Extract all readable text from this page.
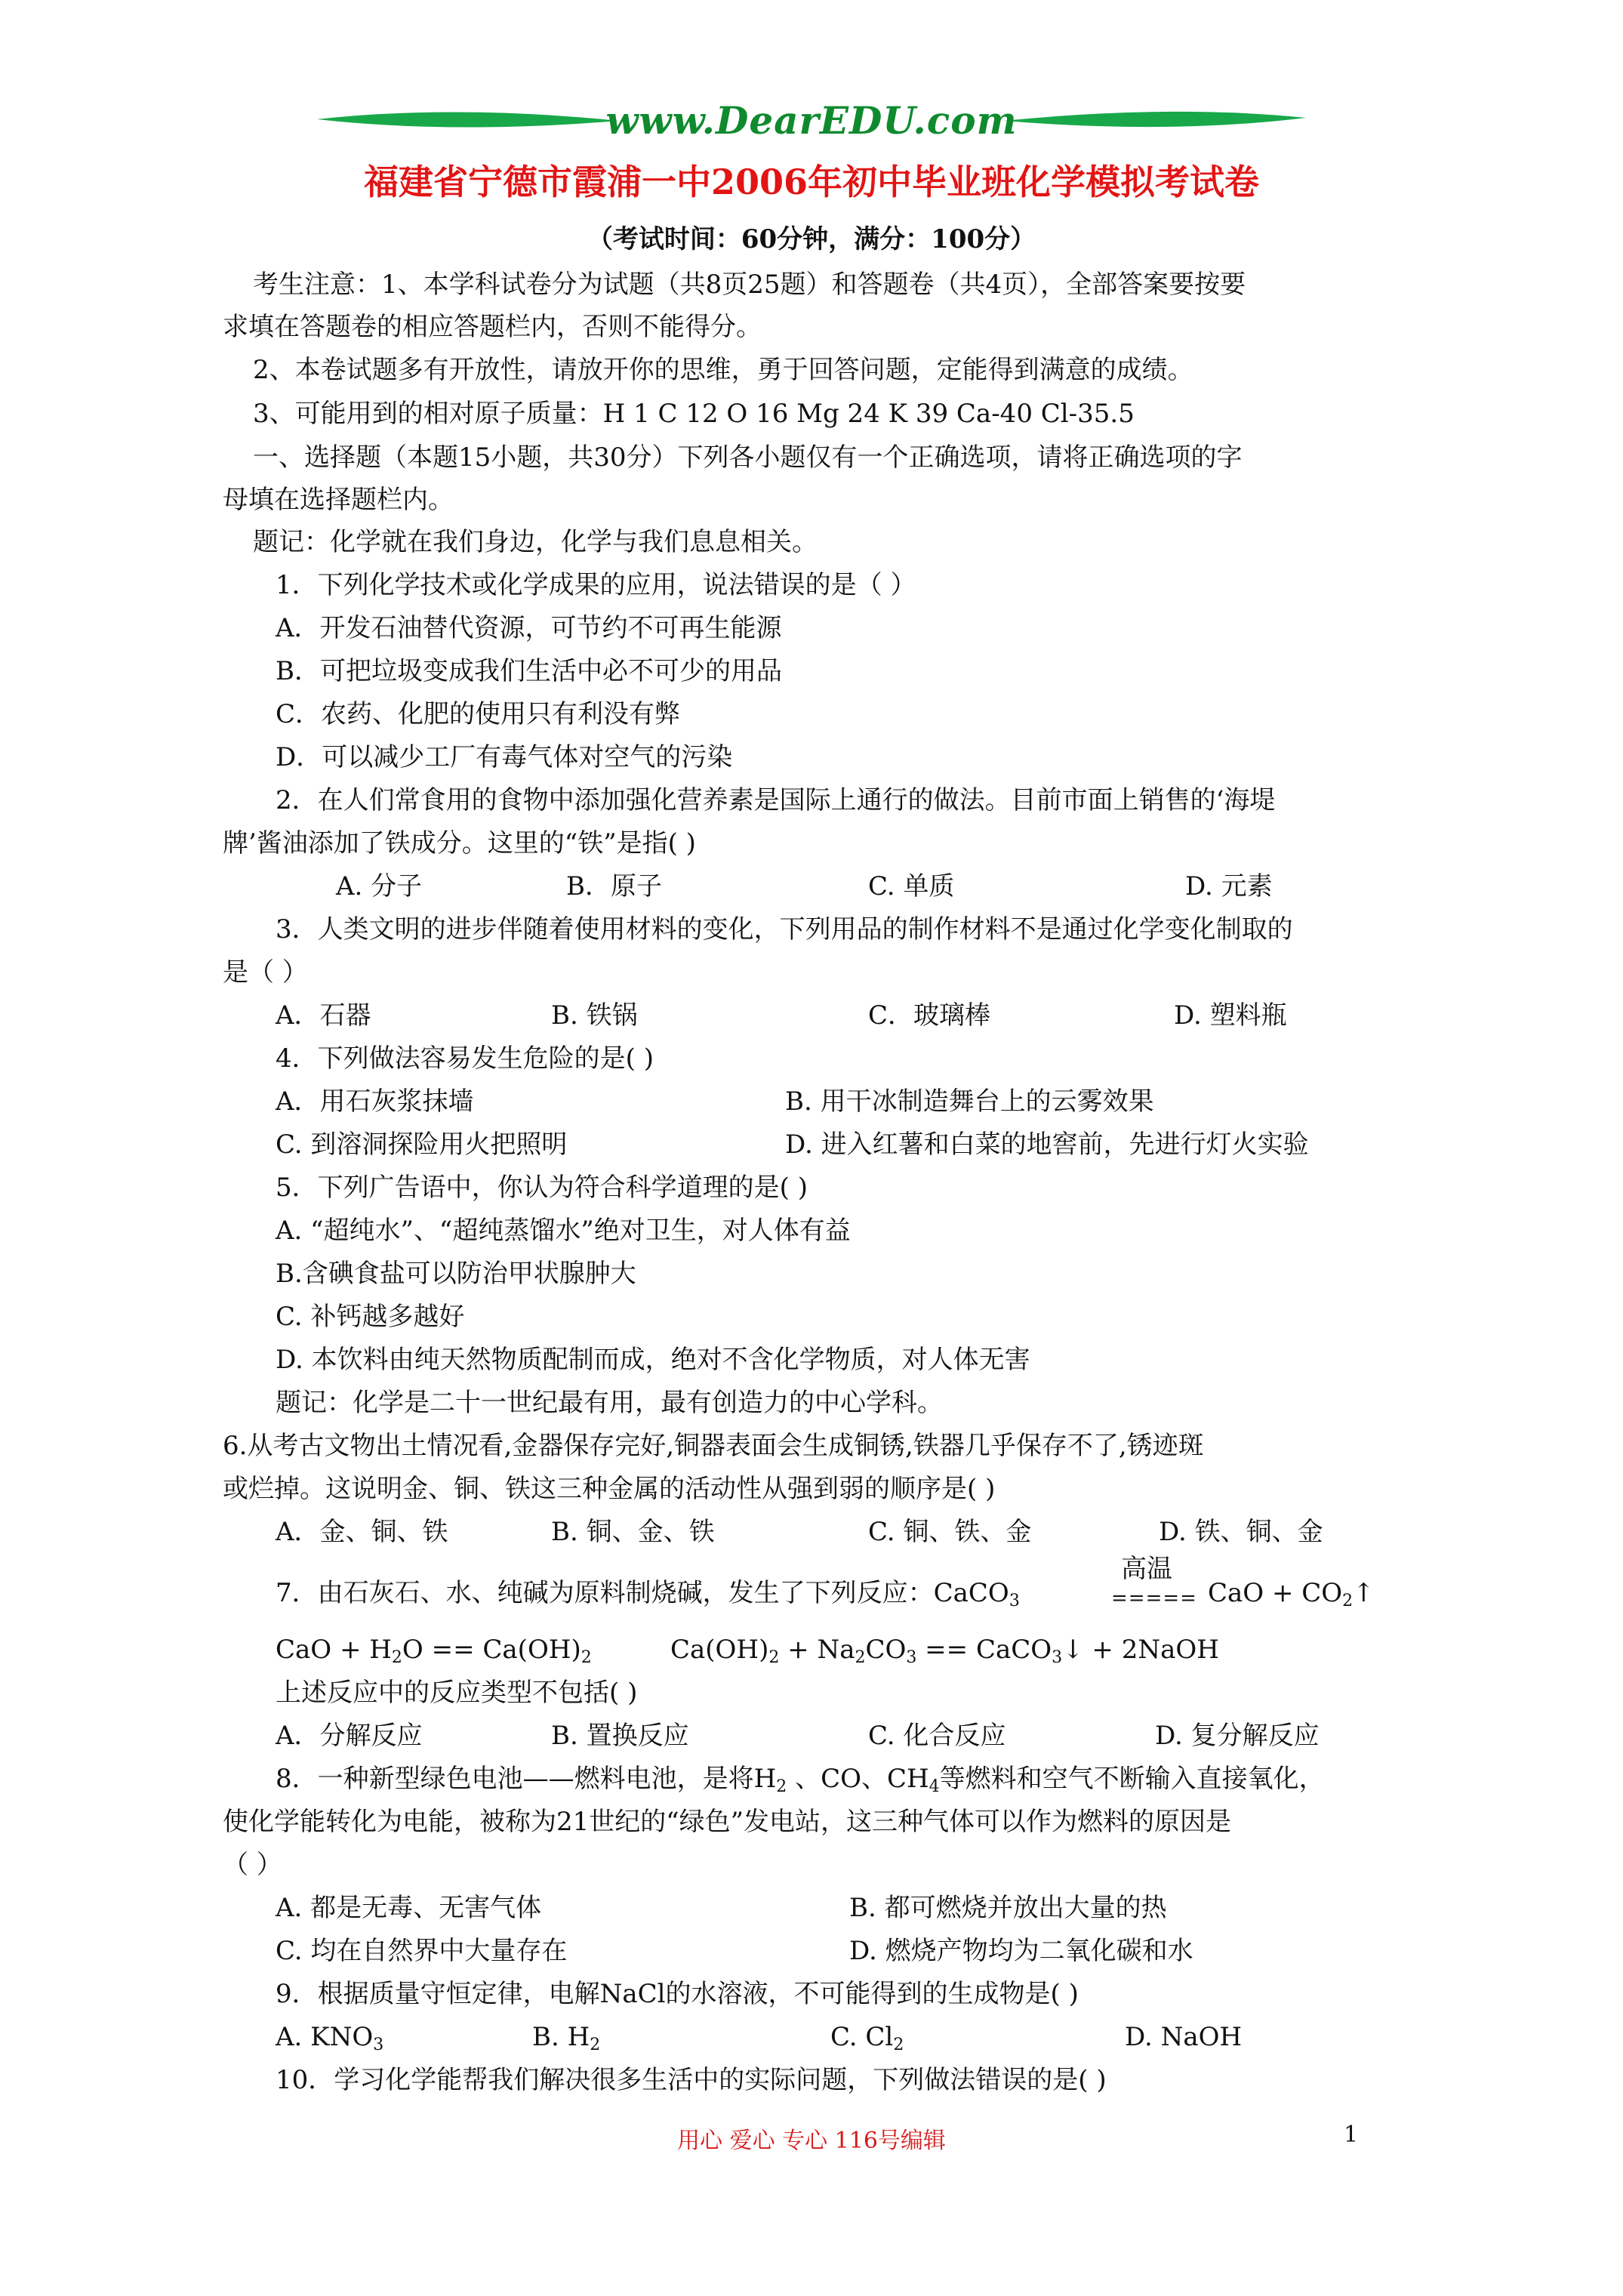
www.DearEDU.com
福建省宁德市霞浦一中2006年初中毕业班化学模拟考试卷
（考试时间：60分钟，满分：100分）
考生注意：1、本学科试卷分为试题（共8页25题）和答题卷（共4页），全部答案要按要
求填在答题卷的相应答题栏内，否则不能得分。
2、本卷试题多有开放性，请放开你的思维，勇于回答问题，定能得到满意的成绩。
3、可能用到的相对原子质量：H 1 C 12 O 16 Mg 24 K 39 Ca-40 Cl-35.5
一、选择题（本题15小题，共30分）下列各小题仅有一个正确选项，请将正确选项的字
母填在选择题栏内。
题记：化学就在我们身边，化学与我们息息相关。
1．下列化学技术或化学成果的应用，说法错误的是（ ）
A．开发石油替代资源，可节约不可再生能源
B．可把垃圾变成我们生活中必不可少的用品
C．农药、化肥的使用只有利没有弊
D．可以减少工厂有毒气体对空气的污染
2．在人们常食用的食物中添加强化营养素是国际上通行的做法。目前市面上销售的‘海堤
牌’酱油添加了铁成分。这里的“铁”是指( )
A. 分子	B．原子	C. 单质	D. 元素
3．人类文明的进步伴随着使用材料的变化，下列用品的制作材料不是通过化学变化制取的
是（ ）
A．石器	B. 铁锅	C．玻璃棒	D. 塑料瓶
4．下列做法容易发生危险的是( )
A．用石灰浆抹墙	B. 用干冰制造舞台上的云雾效果
C. 到溶洞探险用火把照明	D. 进入红薯和白菜的地窖前，先进行灯火实验
5．下列广告语中，你认为符合科学道理的是( )
A. “超纯水”、“超纯蒸馏水”绝对卫生，对人体有益
B.含碘食盐可以防治甲状腺肿大
C. 补钙越多越好
D. 本饮料由纯天然物质配制而成，绝对不含化学物质，对人体无害
题记：化学是二十一世纪最有用，最有创造力的中心学科。
6.从考古文物出土情况看,金器保存完好,铜器表面会生成铜锈,铁器几乎保存不了,锈迹斑
或烂掉。这说明金、铜、铁这三种金属的活动性从强到弱的顺序是( )
A．金、铜、铁	B. 铜、金、铁	C. 铜、铁、金	D. 铁、铜、金
7．由石灰石、水、纯碱为原料制烧碱，发生了下列反应：CaCO$_3$
高温
===== CaO + $CO_2↑$
CaO + $H_2O == Ca(OH)_2$	$Ca(OH)_2 + Na_2CO_3$ == CaCO$_3$↓ + 2NaOH
上述反应中的反应类型不包括( )
A．分解反应	B. 置换反应	C. 化合反应	D. 复分解反应
8．一种新型绿色电池——燃料电池，是将$H_2$ 、CO、$CH_4$等燃料和空气不断输入直接氧化，
使化学能转化为电能，被称为21世纪的“绿色”发电站，这三种气体可以作为燃料的原因是
（ ）
A. 都是无毒、无害气体	B. 都可燃烧并放出大量的热
C. 均在自然界中大量存在	D. 燃烧产物均为二氧化碳和水
9．根据质量守恒定律，电解NaCl的水溶液，不可能得到的生成物是( )
A. $KNO_3$	B. $H_2$	C. $Cl_2$	D. NaOH
10．学习化学能帮我们解决很多生活中的实际问题，下列做法错误的是( )
用心 爱心 专心 116号编辑	1
